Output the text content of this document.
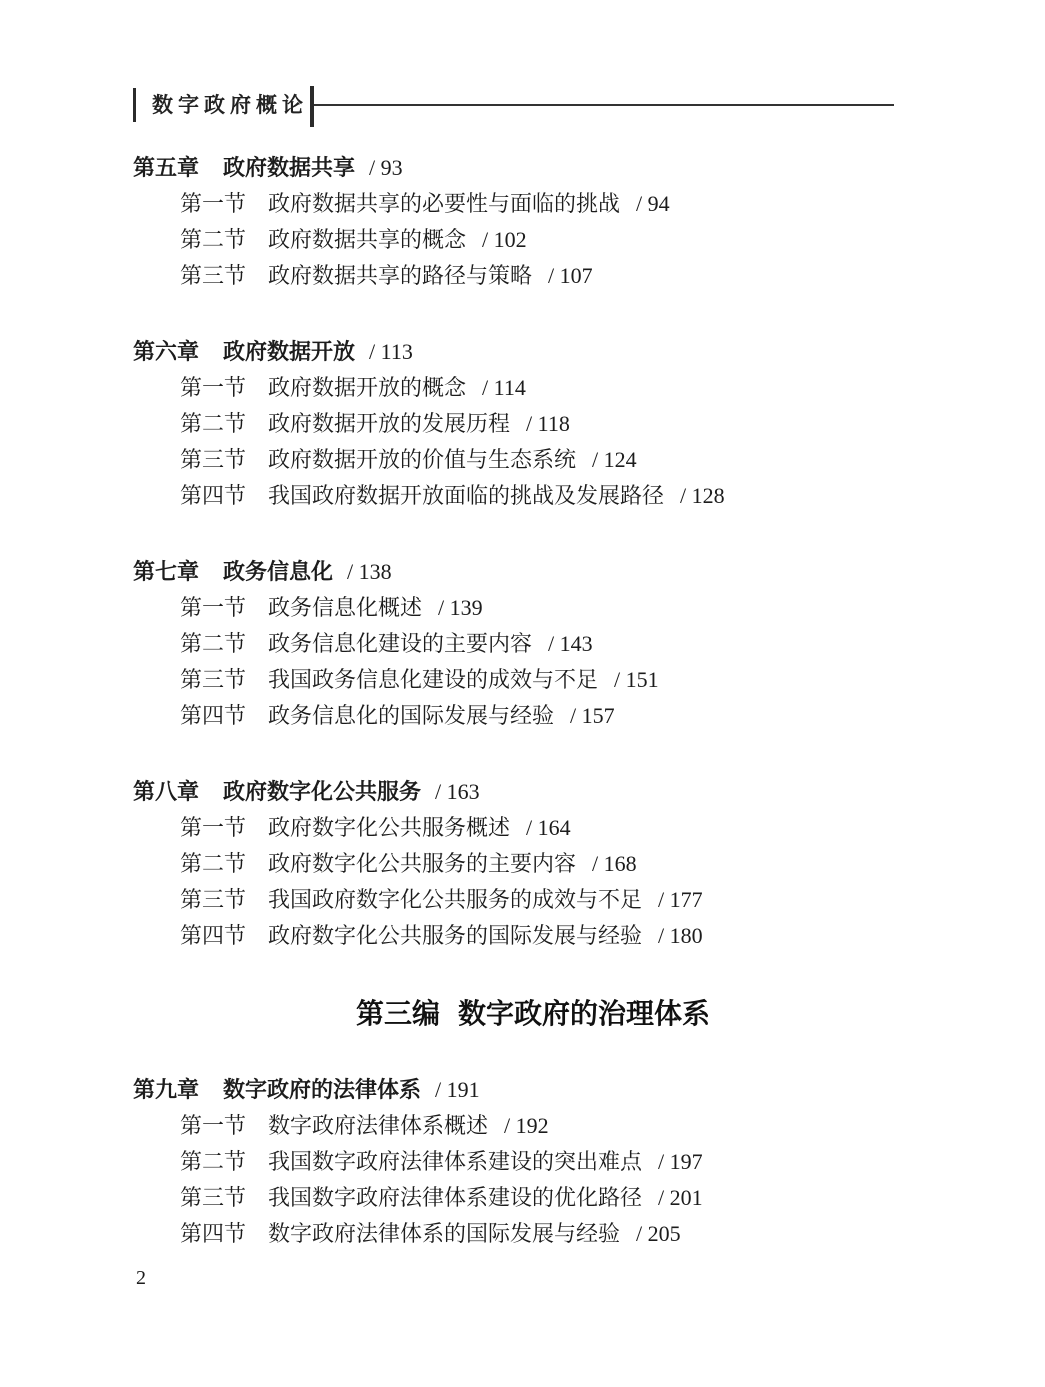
数字政府概论
第五章 政府数据共享 / 93
第一节 政府数据共享的必要性与面临的挑战 / 94
第二节 政府数据共享的概念 / 102
第三节 政府数据共享的路径与策略 / 107
第六章 政府数据开放 / 113
第一节 政府数据开放的概念 / 114
第二节 政府数据开放的发展历程 / 118
第三节 政府数据开放的价值与生态系统 / 124
第四节 我国政府数据开放面临的挑战及发展路径 / 128
第七章 政务信息化 / 138
第一节 政务信息化概述 / 139
第二节 政务信息化建设的主要内容 / 143
第三节 我国政务信息化建设的成效与不足 / 151
第四节 政务信息化的国际发展与经验 / 157
第八章 政府数字化公共服务 / 163
第一节 政府数字化公共服务概述 / 164
第二节 政府数字化公共服务的主要内容 / 168
第三节 我国政府数字化公共服务的成效与不足 / 177
第四节 政府数字化公共服务的国际发展与经验 / 180
第三编 数字政府的治理体系
第九章 数字政府的法律体系 / 191
第一节 数字政府法律体系概述 / 192
第二节 我国数字政府法律体系建设的突出难点 / 197
第三节 我国数字政府法律体系建设的优化路径 / 201
第四节 数字政府法律体系的国际发展与经验 / 205
2
